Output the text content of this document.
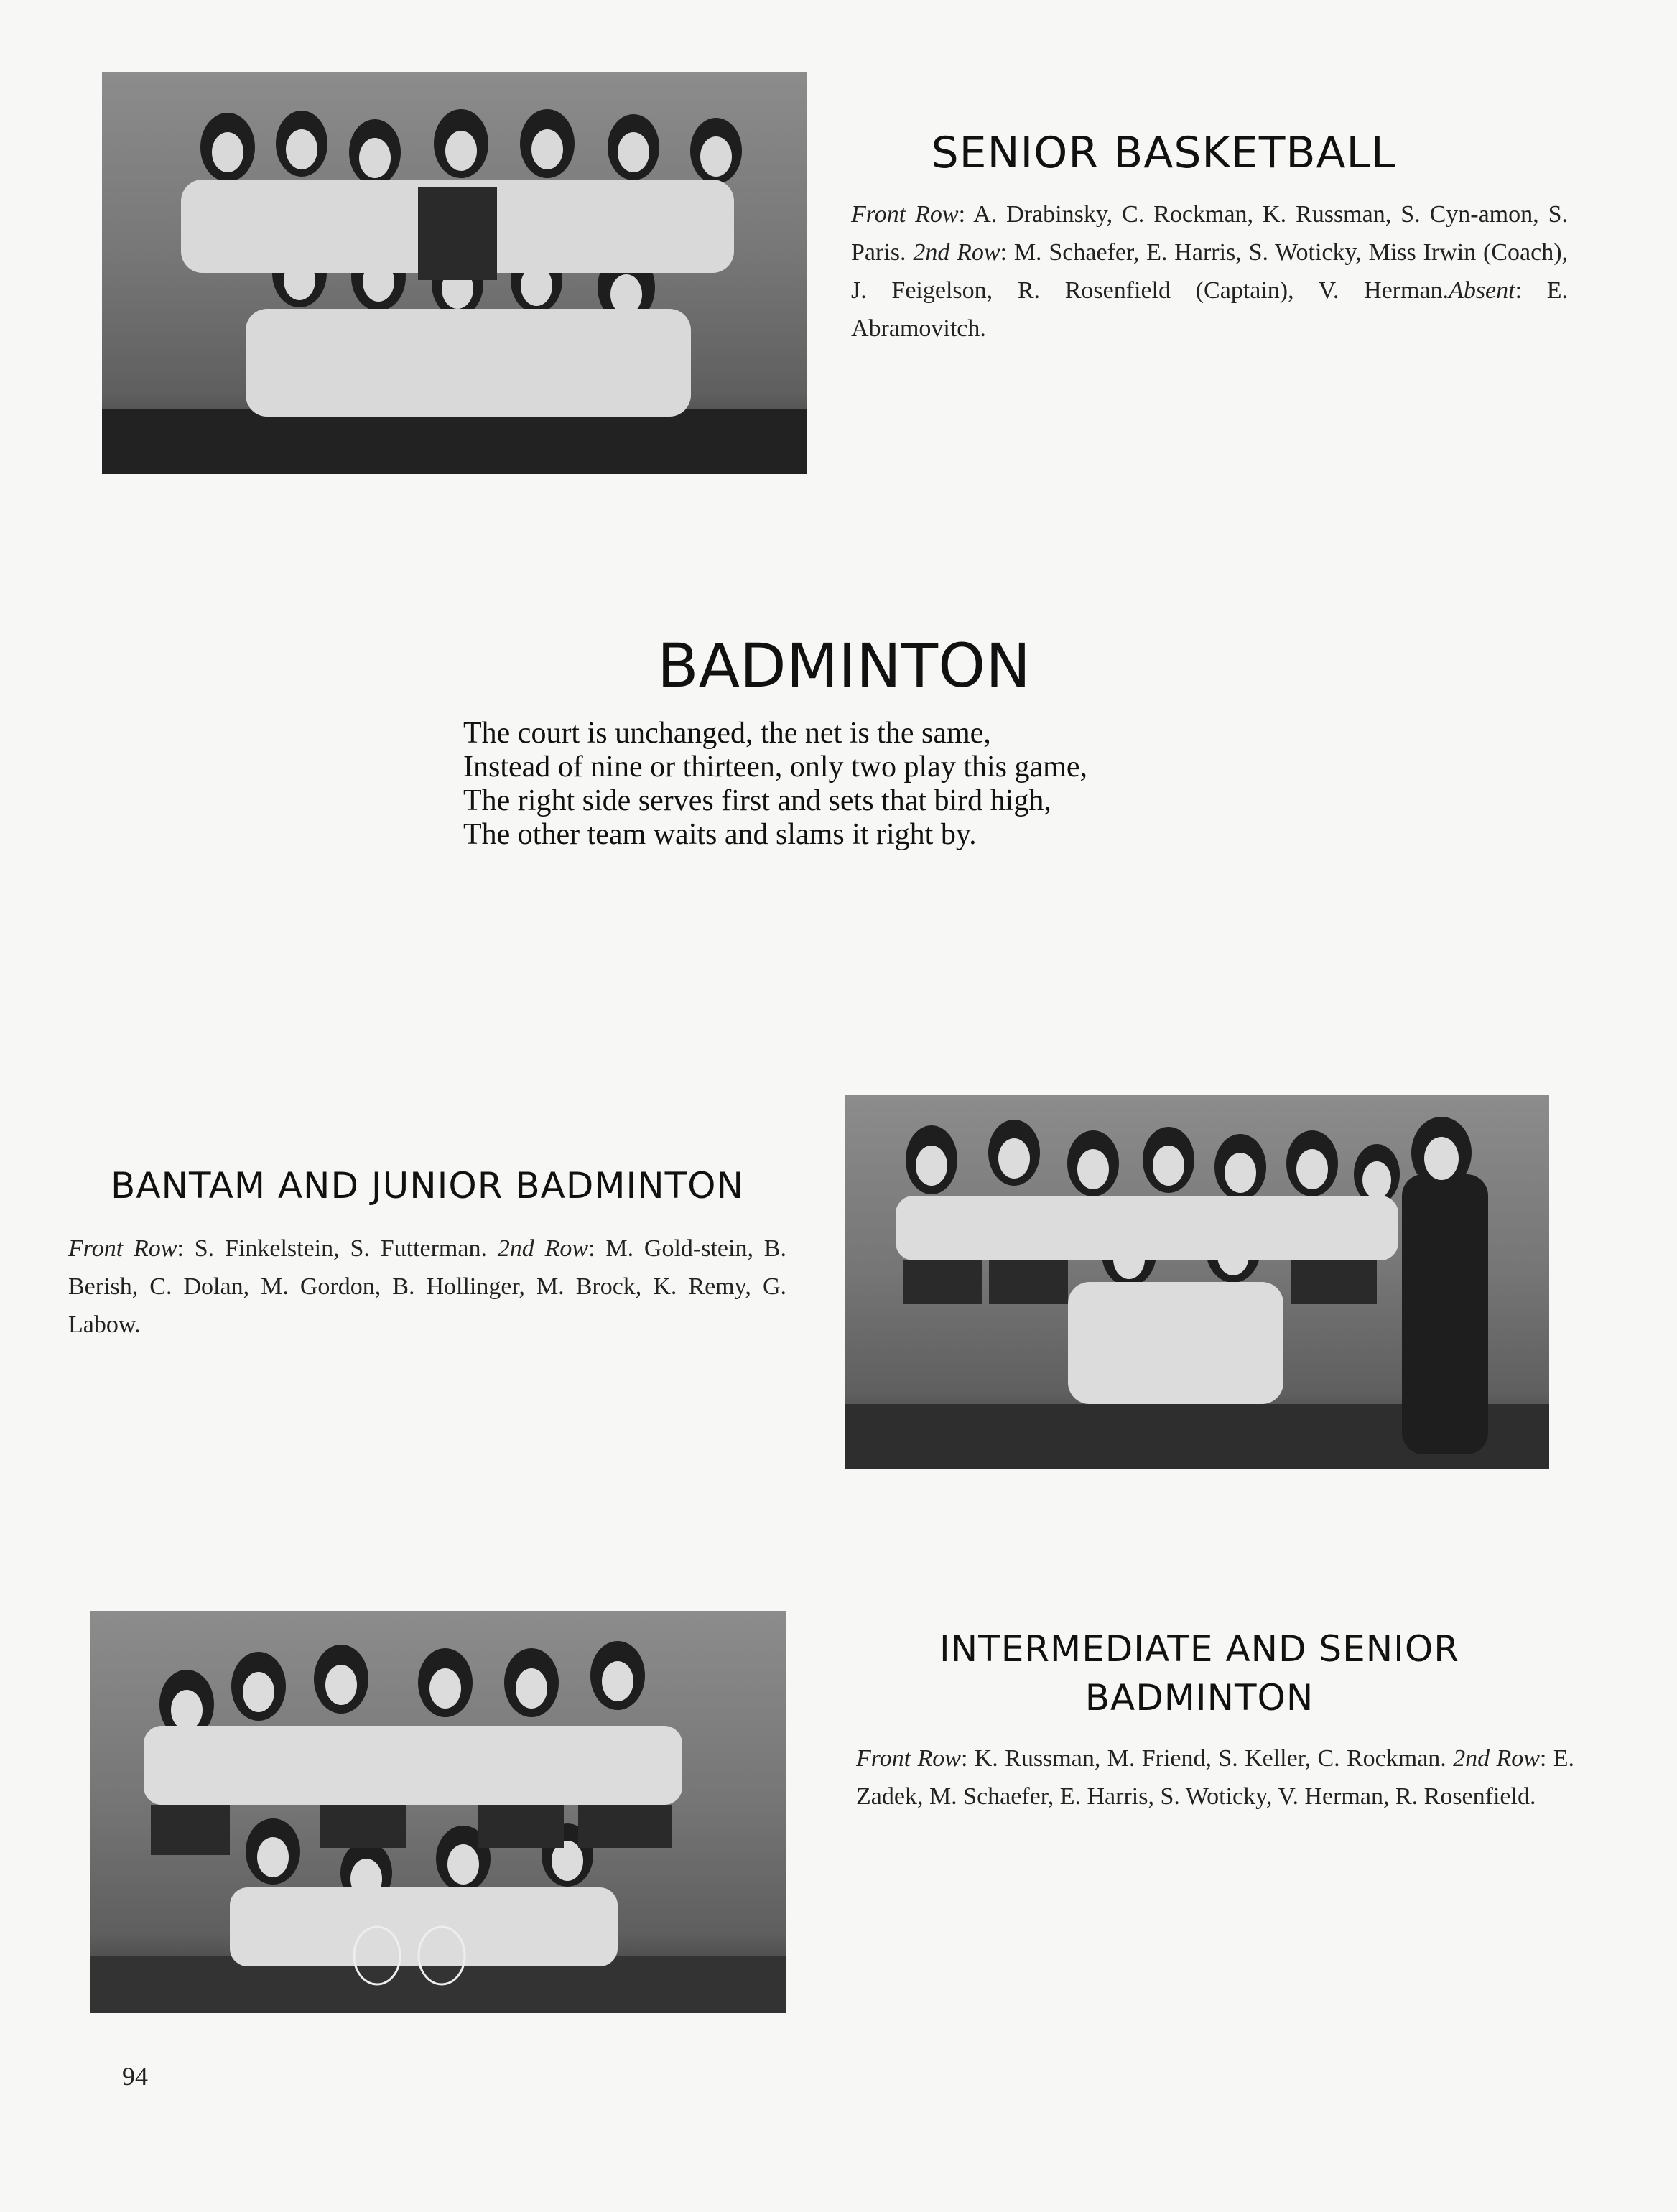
SENIOR BASKETBALL

Front Row: A. Drabinsky, C. Rockman, K. Russman, S. Cyn-amon, S. Paris. 2nd Row: M. Schaefer, E. Harris, S. Woticky, Miss Irwin (Coach), J. Feigelson, R. Rosenfield (Captain), V. Herman.Absent: E. Abramovitch.

BADMINTON
The court is unchanged, the net is the same,
Instead of nine or thirteen, only two play this game,
The right side serves first and sets that bird high,
The other team waits and slams it right by.
BANTAM AND JUNIOR BADMINTON

Front Row: S. Finkelstein, S. Futterman. 2nd Row: M. Gold-stein, B. Berish, C. Dolan, M. Gordon, B. Hollinger, M. Brock, K. Remy, G. Labow.

INTERMEDIATE AND SENIOR
BADMINTON

Front Row: K. Russman, M. Friend, S. Keller, C. Rockman. 2nd Row: E. Zadek, M. Schaefer, E. Harris, S. Woticky, V. Herman, R. Rosenfield.

94
